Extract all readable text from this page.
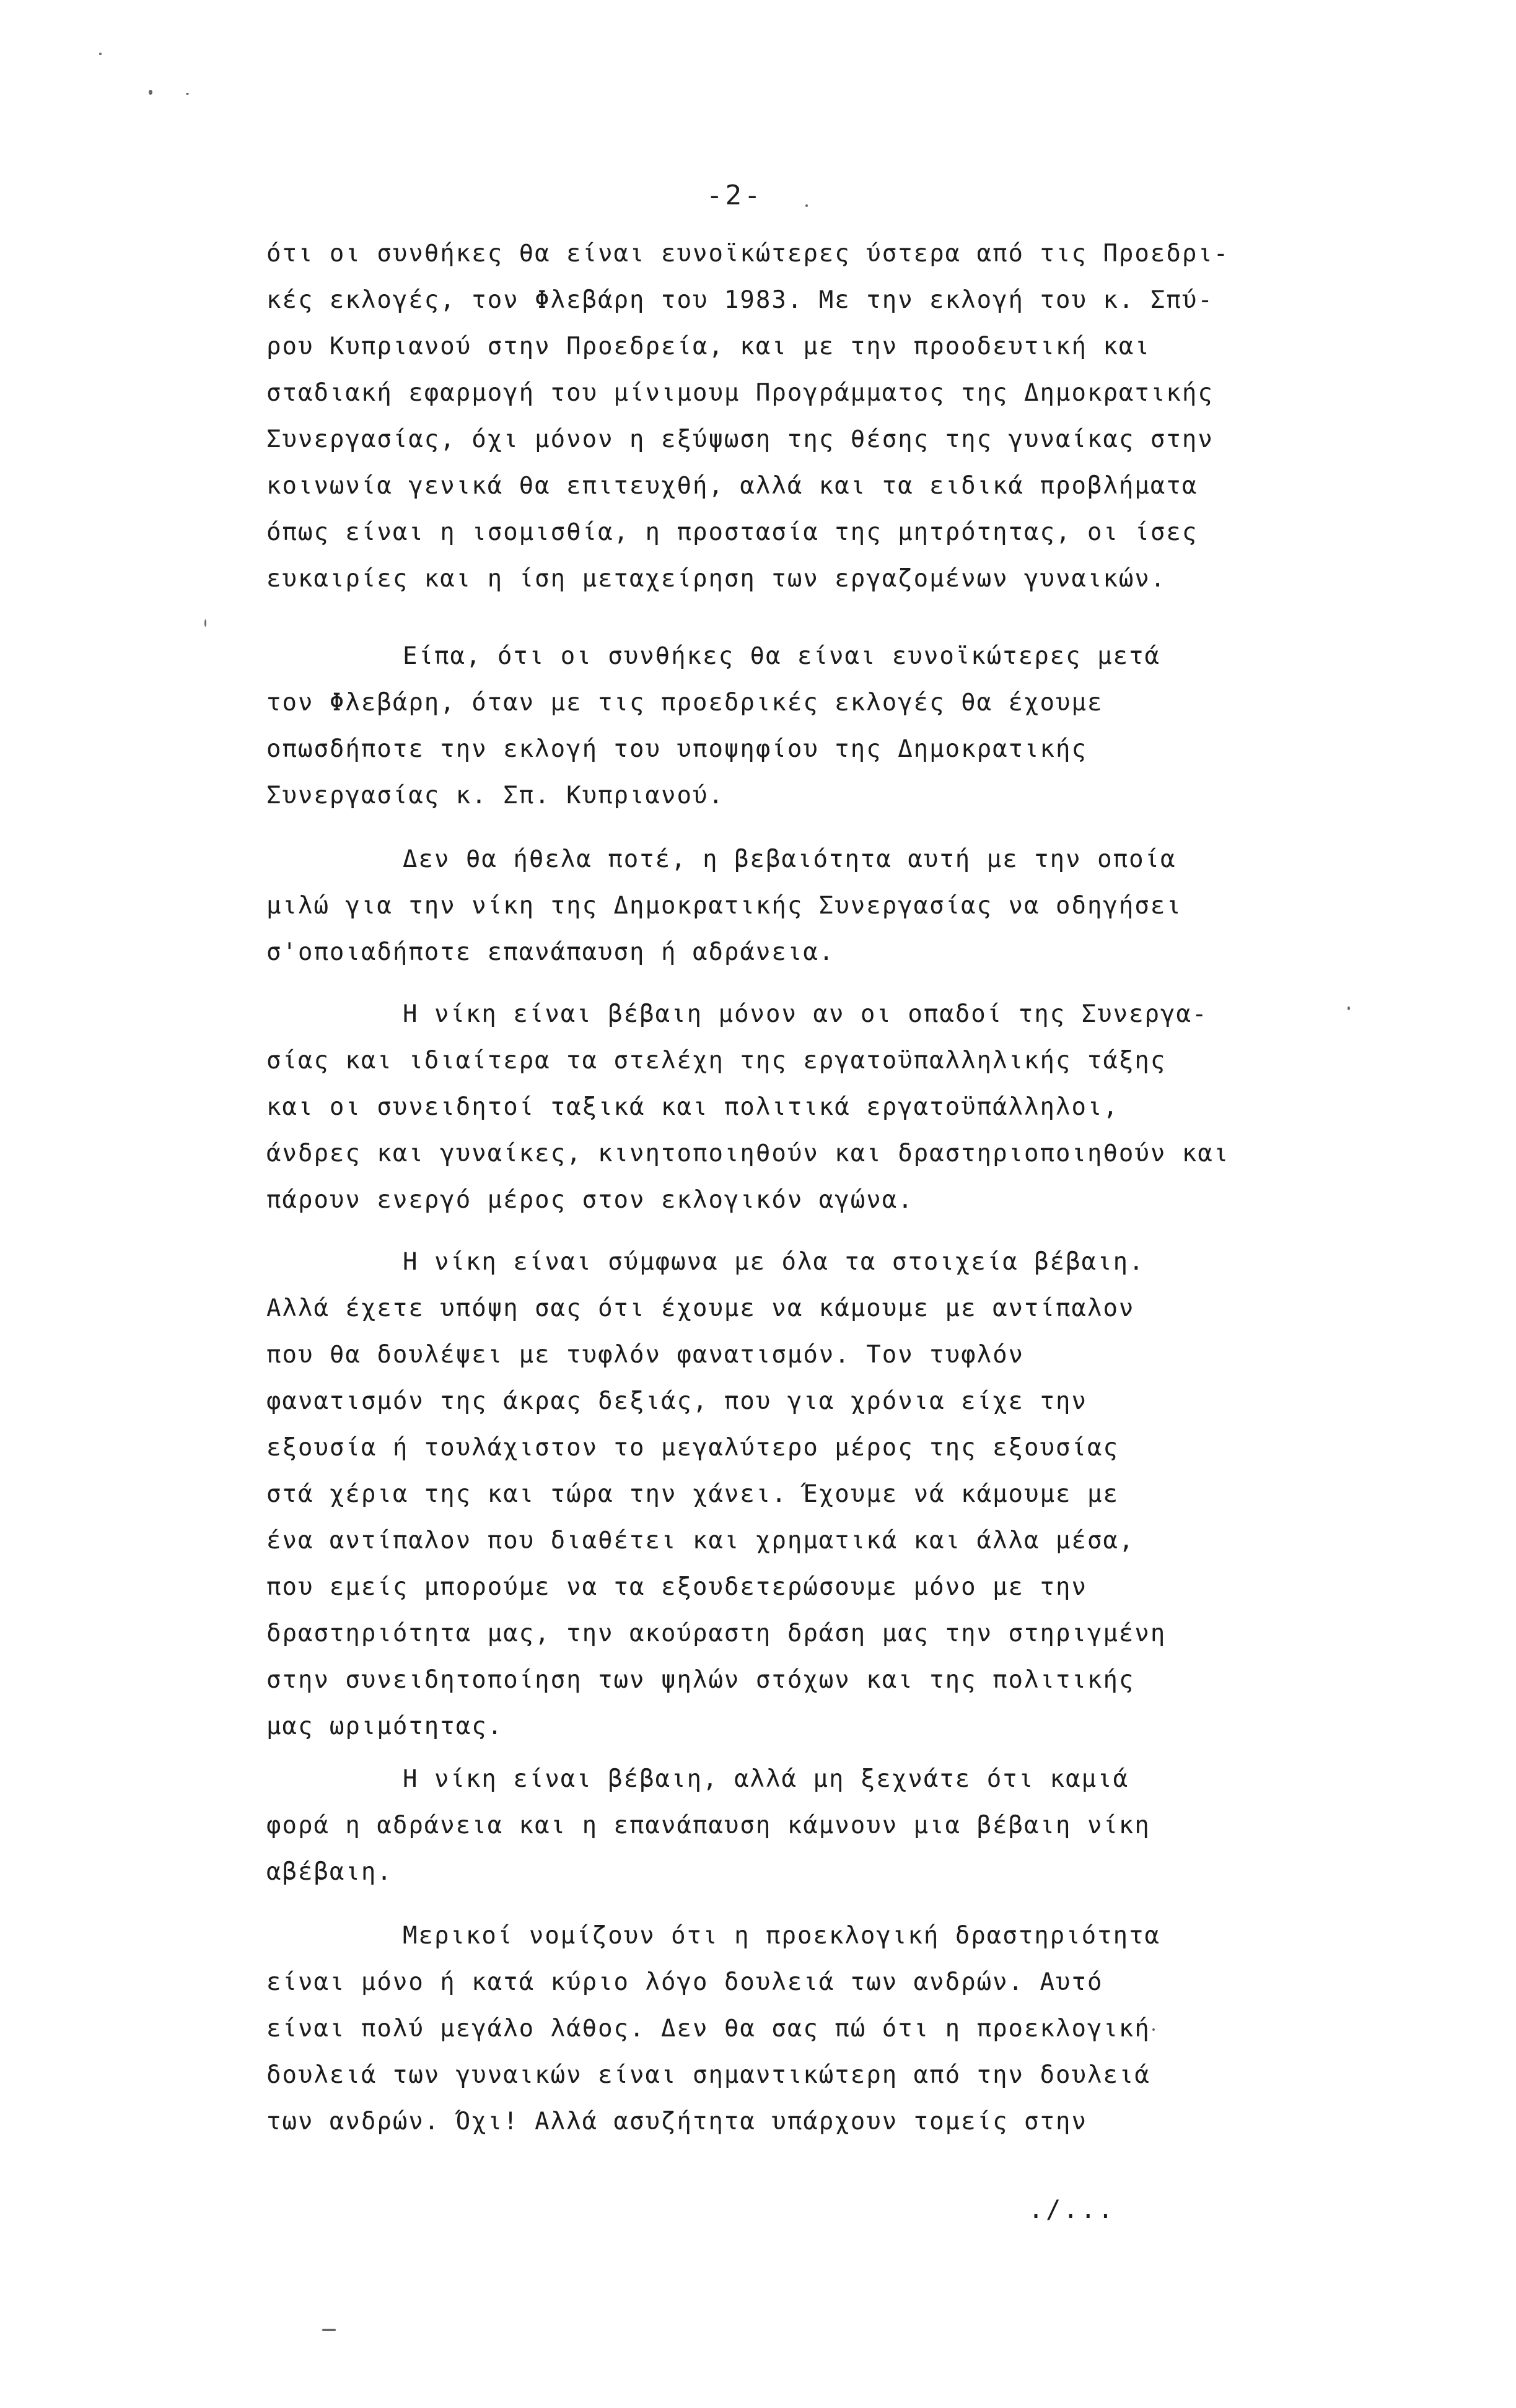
-2-
ότι οι συνθήκες θα είναι ευνοϊκώτερες ύστερα από τις Προεδρι-
κές εκλογές, τον Φλεβάρη του 1983. Με την εκλογή του κ. Σπύ-
ρου Κυπριανού στην Προεδρεία, και με την προοδευτική και
σταδιακή εφαρμογή του μίνιμουμ Προγράμματος της Δημοκρατικής
Συνεργασίας, όχι μόνον η εξύψωση της θέσης της γυναίκας στην
κοινωνία γενικά θα επιτευχθή, αλλά και τα ειδικά προβλήματα
όπως είναι η ισομισθία, η προστασία της μητρότητας, οι ίσες
ευκαιρίες και η ίση μεταχείρηση των εργαζομένων γυναικών.
Είπα, ότι οι συνθήκες θα είναι ευνοϊκώτερες μετά
τον Φλεβάρη, όταν με τις προεδρικές εκλογές θα έχουμε
οπωσδήποτε την εκλογή του υποψηφίου της Δημοκρατικής
Συνεργασίας κ. Σπ. Κυπριανού.
Δεν θα ήθελα ποτέ, η βεβαιότητα αυτή με την οποία
μιλώ για την νίκη της Δημοκρατικής Συνεργασίας να οδηγήσει
σ'οποιαδήποτε επανάπαυση ή αδράνεια.
Η νίκη είναι βέβαιη μόνον αν οι οπαδοί της Συνεργα-
σίας και ιδιαίτερα τα στελέχη της εργατοϋπαλληλικής τάξης
και οι συνειδητοί ταξικά και πολιτικά εργατοϋπάλληλοι,
άνδρες και γυναίκες, κινητοποιηθούν και δραστηριοποιηθούν και
πάρουν ενεργό μέρος στον εκλογικόν αγώνα.
Η νίκη είναι σύμφωνα με όλα τα στοιχεία βέβαιη.
Αλλά έχετε υπόψη σας ότι έχουμε να κάμουμε με αντίπαλον
που θα δουλέψει με τυφλόν φανατισμόν. Τον τυφλόν
φανατισμόν της άκρας δεξιάς, που για χρόνια είχε την
εξουσία ή τουλάχιστον το μεγαλύτερο μέρος της εξουσίας
στά χέρια της και τώρα την χάνει. Έχουμε νά κάμουμε με
ένα αντίπαλον που διαθέτει και χρηματικά και άλλα μέσα,
που εμείς μπορούμε να τα εξουδετερώσουμε μόνο με την
δραστηριότητα μας, την ακούραστη δράση μας την στηριγμένη
στην συνειδητοποίηση των ψηλών στόχων και της πολιτικής
μας ωριμότητας.
Η νίκη είναι βέβαιη, αλλά μη ξεχνάτε ότι καμιά
φορά η αδράνεια και η επανάπαυση κάμνουν μια βέβαιη νίκη
αβέβαιη.
Μερικοί νομίζουν ότι η προεκλογική δραστηριότητα
είναι μόνο ή κατά κύριο λόγο δουλειά των ανδρών. Αυτό
είναι πολύ μεγάλο λάθος. Δεν θα σας πώ ότι η προεκλογική
δουλειά των γυναικών είναι σημαντικώτερη από την δουλειά
των ανδρών. Όχι! Αλλά ασυζήτητα υπάρχουν τομείς στην
./...
